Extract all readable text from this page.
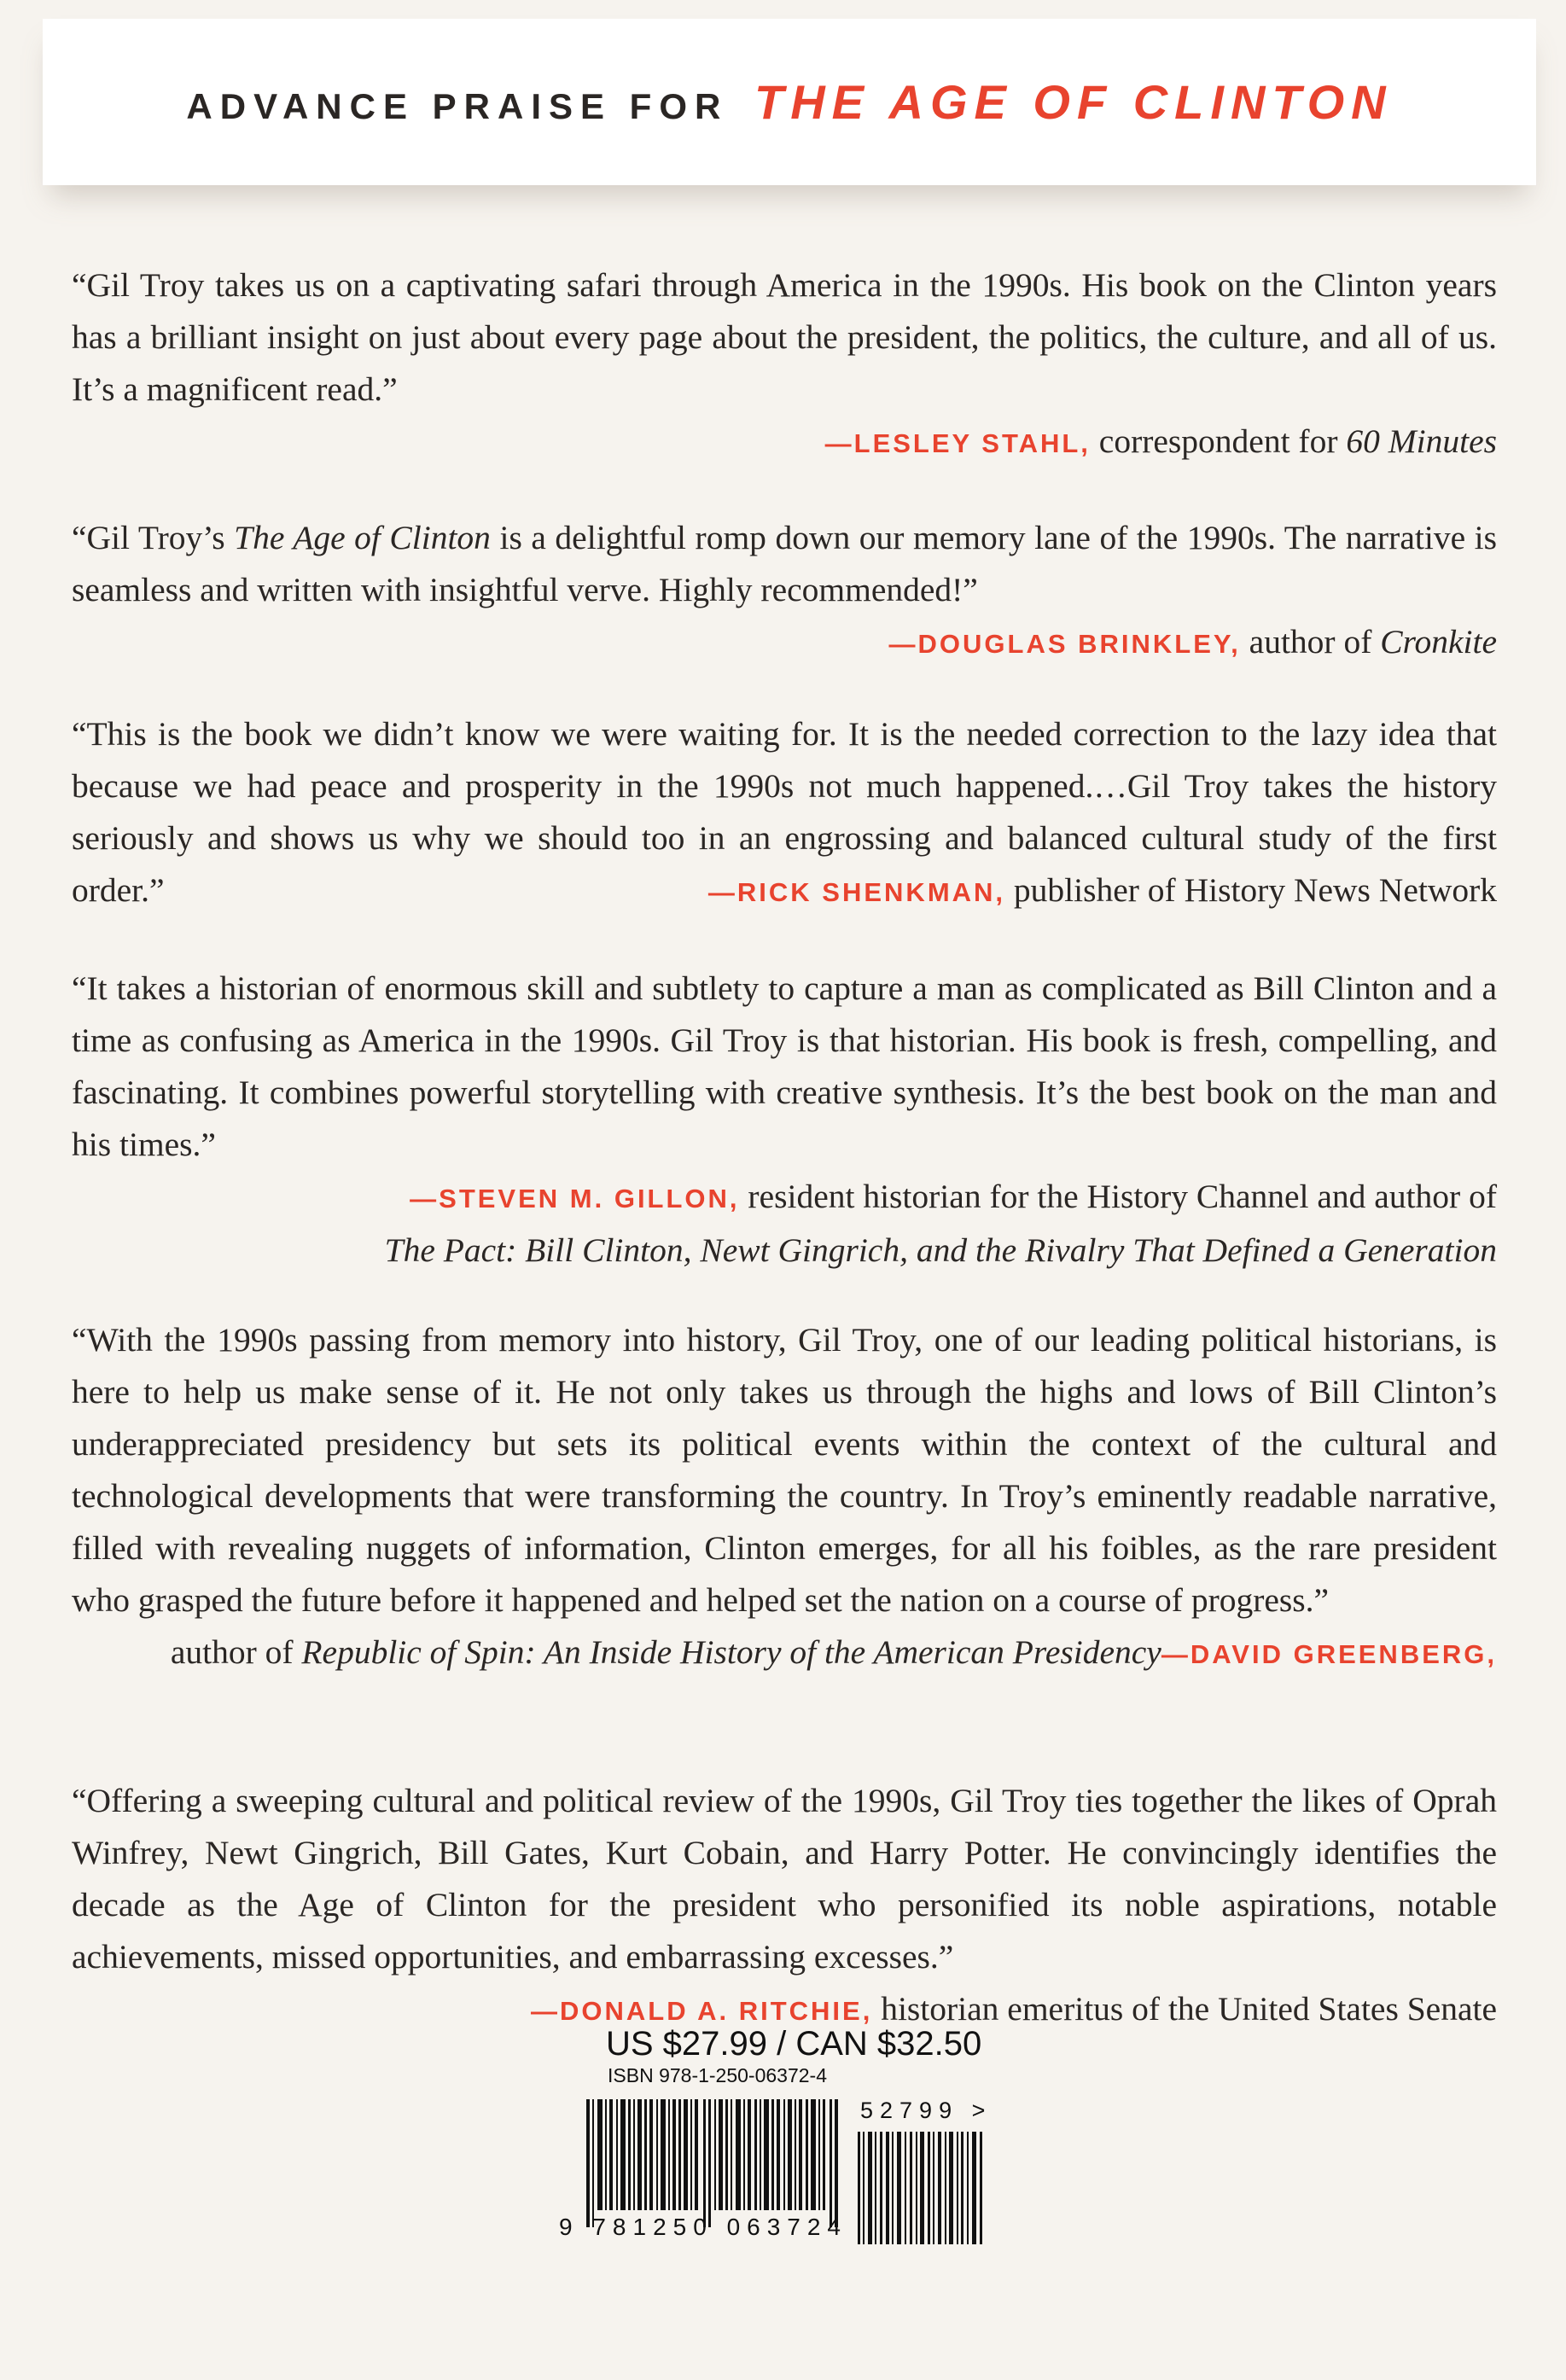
ADVANCE PRAISE FOR THE AGE OF CLINTON

“Gil Troy takes us on a captivating safari through America in the 1990s. His book on the Clinton years has a brilliant insight on just about every page about the president, the politics, the culture, and all of us. It’s a magnificent read.”

—LESLEY STAHL, correspondent for 60 Minutes

“Gil Troy’s The Age of Clinton is a delightful romp down our memory lane of the 1990s. The narrative is seamless and written with insightful verve. Highly recommended!”

—DOUGLAS BRINKLEY, author of Cronkite

“This is the book we didn’t know we were waiting for. It is the needed correction to the lazy idea that because we had peace and prosperity in the 1990s not much happened.…Gil Troy takes the history seriously and shows us why we should too in an engrossing and balanced cultural study of the first order.”	—RICK SHENKMAN, publisher of History News Network

“It takes a historian of enormous skill and subtlety to capture a man as complicated as Bill Clinton and a time as confusing as America in the 1990s. Gil Troy is that historian. His book is fresh, compelling, and fascinating. It combines powerful storytelling with creative synthesis. It’s the best book on the man and his times.”

—STEVEN M. GILLON, resident historian for the History Channel and author of

The Pact: Bill Clinton, Newt Gingrich, and the Rivalry That Defined a Generation

“With the 1990s passing from memory into history, Gil Troy, one of our leading political historians, is here to help us make sense of it. He not only takes us through the highs and lows of Bill Clinton’s underappreciated presidency but sets its political events within the context of the cultural and technological developments that were transforming the country. In Troy’s eminently readable narrative, filled with revealing nuggets of information, Clinton emerges, for all his foibles, as the rare president who grasped the future before it happened and helped set the nation on a course of progress.”
—DAVID GREENBERG,

author of Republic of Spin: An Inside History of the American Presidency

“Offering a sweeping cultural and political review of the 1990s, Gil Troy ties together the likes of Oprah Winfrey, Newt Gingrich, Bill Gates, Kurt Cobain, and Harry Potter. He convincingly identifies the decade as the Age of Clinton for the president who personified its noble aspirations, notable achievements, missed opportunities, and embarrassing excesses.”

—DONALD A. RITCHIE, historian emeritus of the United States Senate

US $27.99 / CAN $32.50
ISBN 978-1-250-06372-4
52799 >
9 781250 063724
